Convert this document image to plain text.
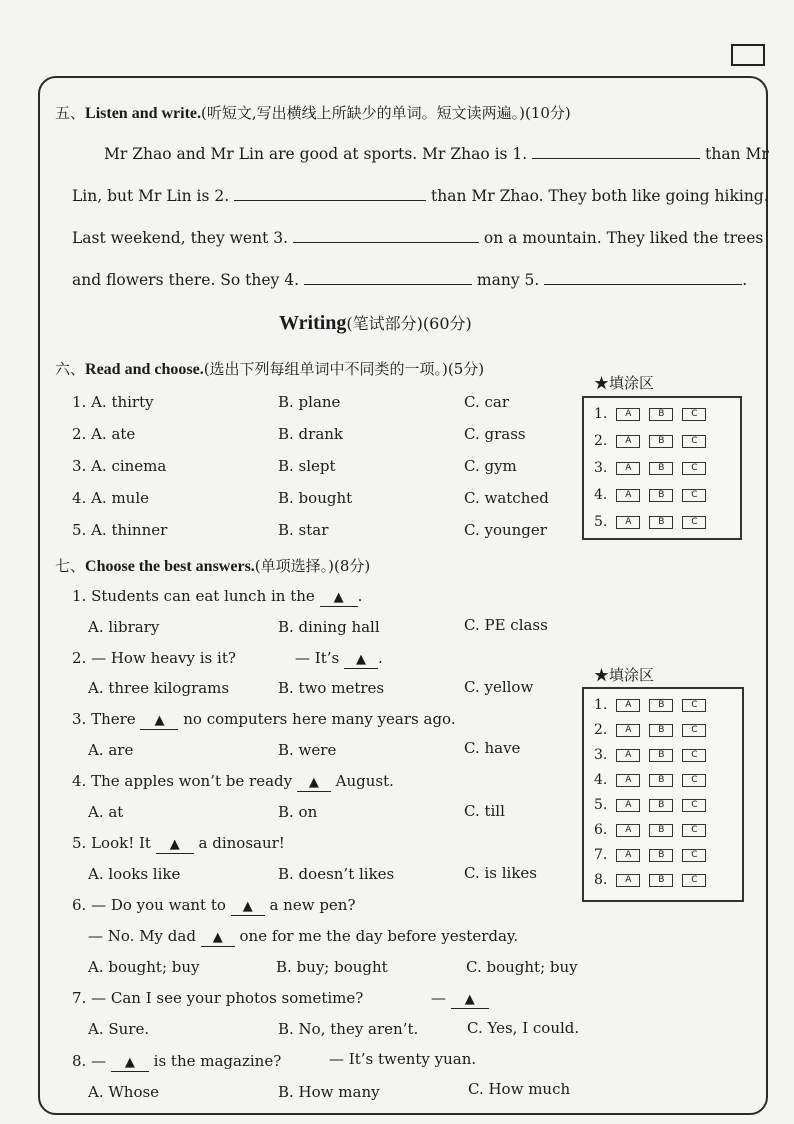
五、Listen and write.(听短文,写出横线上所缺少的单词。短文读两遍。)(10分)
Mr Zhao and Mr Lin are good at sports. Mr Zhao is 1.	than Mr
Lin, but Mr Lin is 2.	than Mr Zhao. They both like going hiking.
Last weekend, they went 3.	on a mountain. They liked the trees
and flowers there. So they 4.	many 5.	.
Writing(笔试部分)(60分)
六、Read and choose.(选出下列每组单词中不同类的一项。)(5分)
1. A. thirty	B. plane	C. car
2. A. ate	B. drank	C. grass
3. A. cinema	B. slept	C. gym
4. A. mule	B. bought	C. watched
5. A. thinner	B. star	C. younger
★填涂区
1. A	B	C
2. A	B	C
3. A	B	C
4. A	B	C
5. A	B	C
七、Choose the best answers.(单项选择。)(8分)
1. Students can eat lunch in the ▲ .
A. library	B. dining hall	C. PE class
2. — How heavy is it?	— It’s ▲ .
A. three kilograms	B. two metres	C. yellow
3. There ▲ no computers here many years ago.
A. are	B. were	C. have
4. The apples won’t be ready ▲ August.
A. at	B. on	C. till
5. Look! It ▲ a dinosaur!
A. looks like	B. doesn’t likes	C. is likes
6. — Do you want to ▲ a new pen?
— No. My dad ▲ one for me the day before yesterday.
A. bought; buy	B. buy; bought	C. bought; buy
7. — Can I see your photos sometime?	— ▲
A. Sure.	B. No, they aren’t.	C. Yes, I could.
8. — ▲ is the magazine?	— It’s twenty yuan.
A. Whose	B. How many	C. How much
★填涂区
1. A	B	C
2. A	B	C
3. A	B	C
4. A	B	C
5. A	B	C
6. A	B	C
7. A	B	C
8. A	B	C
